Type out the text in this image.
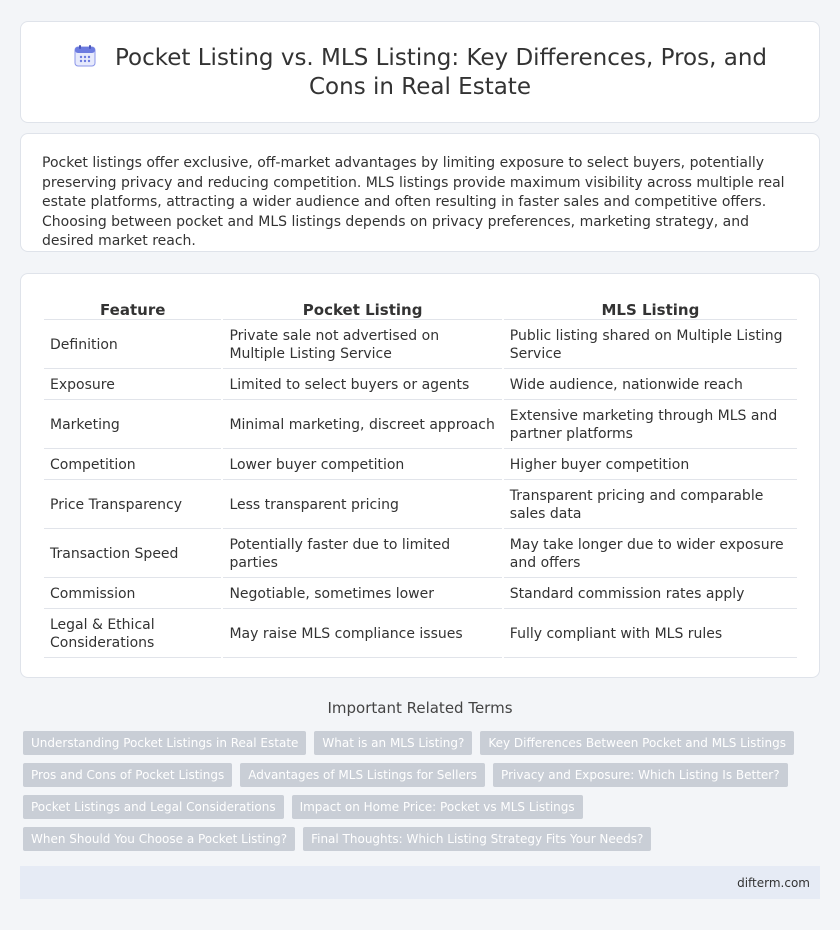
Pocket Listing vs. MLS Listing: Key Differences, Pros, and Cons in Real Estate

Pocket listings offer exclusive, off-market advantages by limiting exposure to select buyers, potentially preserving privacy and reducing competition. MLS listings provide maximum visibility across multiple real estate platforms, attracting a wider audience and often resulting in faster sales and competitive offers. Choosing between pocket and MLS listings depends on privacy preferences, marketing strategy, and desired market reach.

Feature	Pocket Listing	MLS Listing
Definition	Private sale not advertised on Multiple Listing Service	Public listing shared on Multiple Listing Service
Exposure	Limited to select buyers or agents	Wide audience, nationwide reach
Marketing	Minimal marketing, discreet approach	Extensive marketing through MLS and partner platforms
Competition	Lower buyer competition	Higher buyer competition
Price Transparency	Less transparent pricing	Transparent pricing and comparable sales data
Transaction Speed	Potentially faster due to limited parties	May take longer due to wider exposure and offers
Commission	Negotiable, sometimes lower	Standard commission rates apply
Legal & Ethical Considerations	May raise MLS compliance issues	Fully compliant with MLS rules
Important Related Terms
Understanding Pocket Listings in Real Estate	What is an MLS Listing?	Key Differences Between Pocket and MLS Listings
Pros and Cons of Pocket Listings	Advantages of MLS Listings for Sellers	Privacy and Exposure: Which Listing Is Better?
Pocket Listings and Legal Considerations	Impact on Home Price: Pocket vs MLS Listings
When Should You Choose a Pocket Listing?	Final Thoughts: Which Listing Strategy Fits Your Needs?
difterm.com
